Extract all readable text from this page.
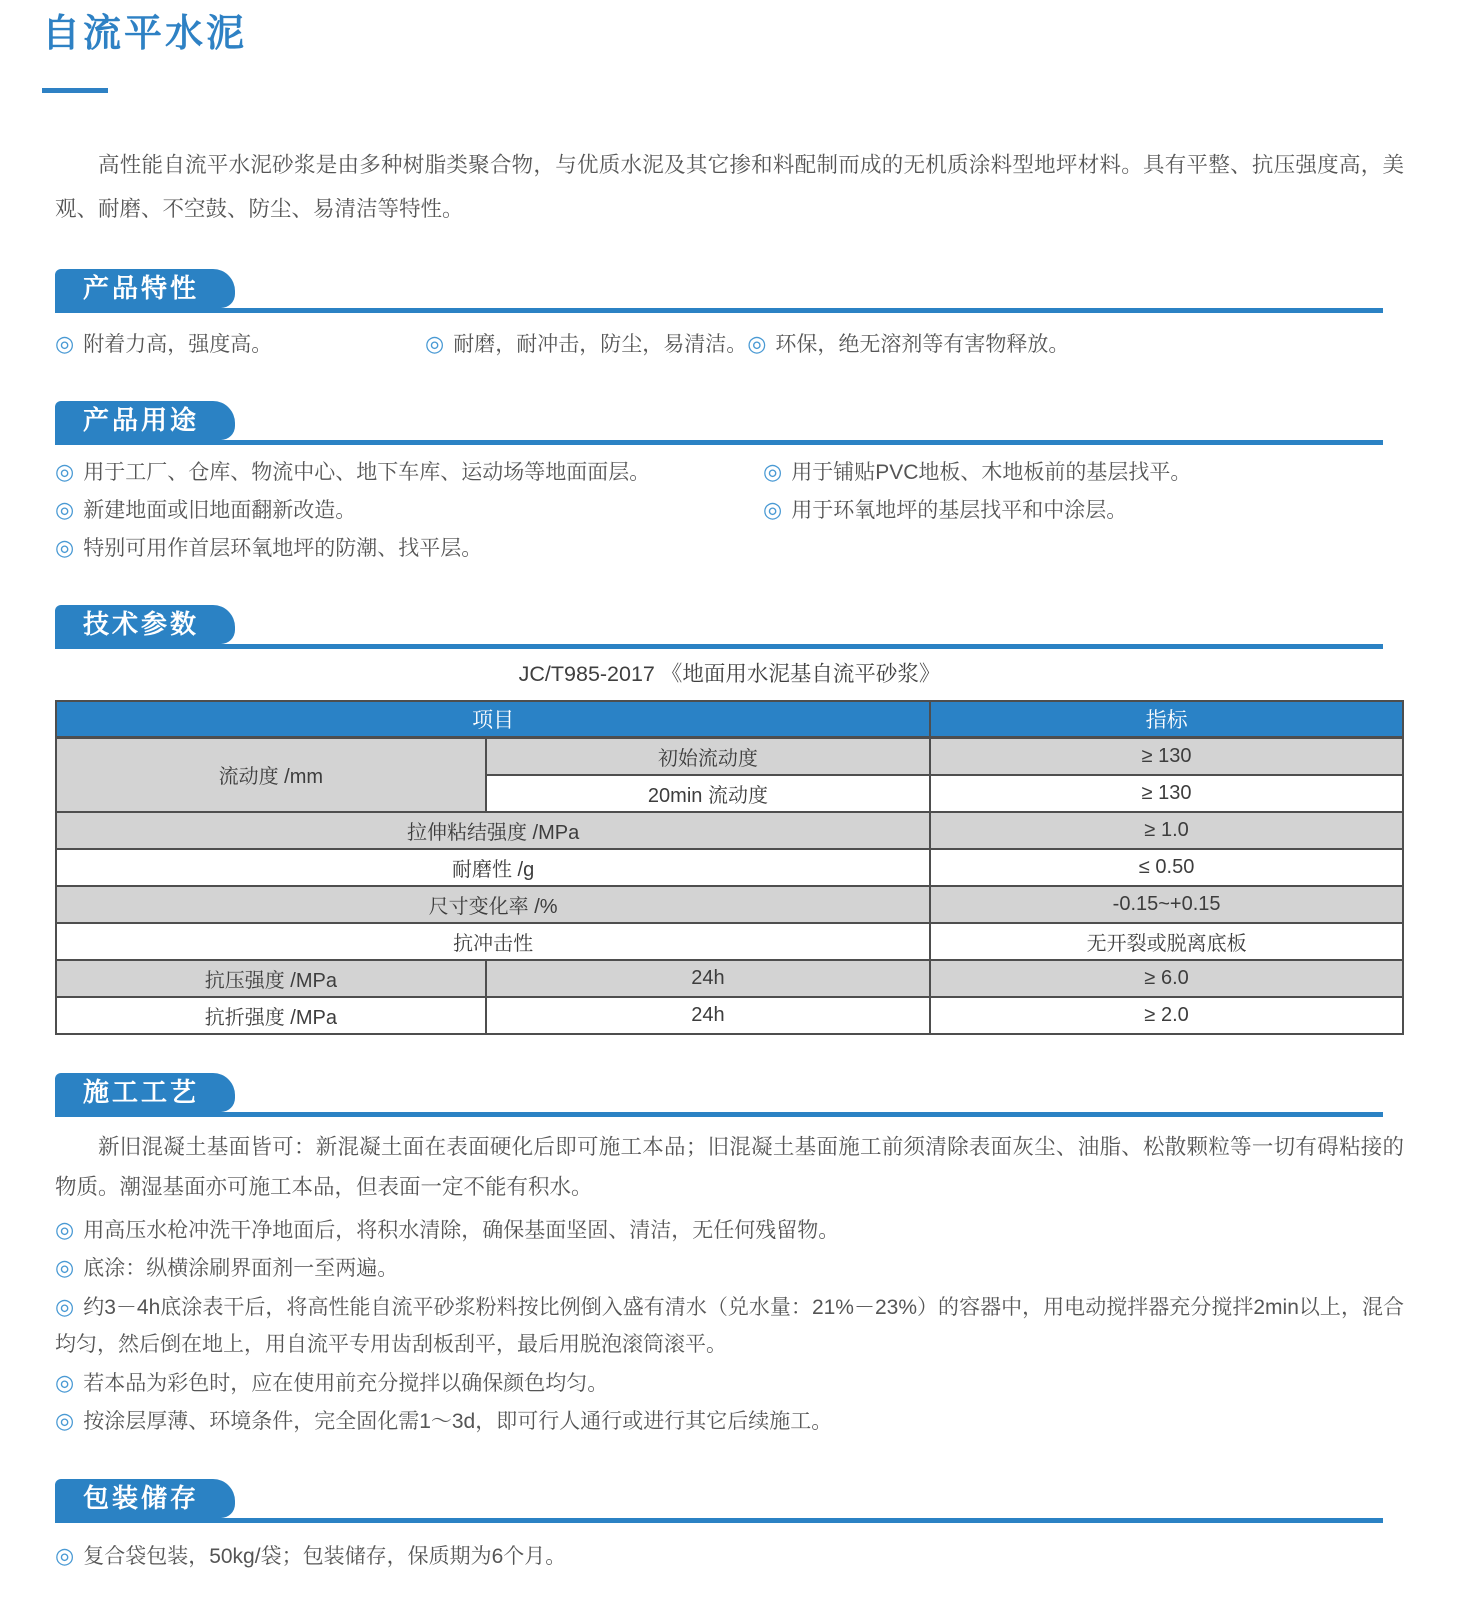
自流平水泥

高性能自流平水泥砂浆是由多种树脂类聚合物，与优质水泥及其它掺和料配制而成的无机质涂料型地坪材料。具有平整、抗压强度高，美观、耐磨、不空鼓、防尘、易清洁等特性。

产品特性
◎ 附着力高，强度高。	◎ 耐磨，耐冲击，防尘，易清洁。 ◎ 环保，绝无溶剂等有害物释放。
产品用途
◎ 用于工厂、仓库、物流中心、地下车库、运动场等地面面层。
◎ 新建地面或旧地面翻新改造。
◎ 特别可用作首层环氧地坪的防潮、找平层。
◎ 用于铺贴PVC地板、木地板前的基层找平。
◎ 用于环氧地坪的基层找平和中涂层。
技术参数
JC/T985-2017 《地面用水泥基自流平砂浆》
项目		指标
流动度 /mm	初始流动度	≥ 130
	20min 流动度	≥ 130
拉伸粘结强度 /MPa		≥ 1.0
耐磨性 /g		≤ 0.50
尺寸变化率 /%		-0.15~+0.15
抗冲击性		无开裂或脱离底板
抗压强度 /MPa	24h	≥ 6.0
抗折强度 /MPa	24h	≥ 2.0
施工工艺

新旧混凝土基面皆可：新混凝土面在表面硬化后即可施工本品；旧混凝土基面施工前须清除表面灰尘、油脂、松散颗粒等一切有碍粘接的物质。潮湿基面亦可施工本品，但表面一定不能有积水。

◎ 用高压水枪冲洗干净地面后，将积水清除，确保基面坚固、清洁，无任何残留物。
◎ 底涂：纵横涂刷界面剂一至两遍。
◎ 约3－4h底涂表干后，将高性能自流平砂浆粉料按比例倒入盛有清水（兑水量：21%－23%）的容器中，用电动搅拌器充分搅拌2min以上，混合均匀，然后倒在地上，用自流平专用齿刮板刮平，最后用脱泡滚筒滚平。
◎ 若本品为彩色时，应在使用前充分搅拌以确保颜色均匀。
◎ 按涂层厚薄、环境条件，完全固化需1～3d，即可行人通行或进行其它后续施工。
包装储存
◎ 复合袋包装，50kg/袋；包装储存，保质期为6个月。
